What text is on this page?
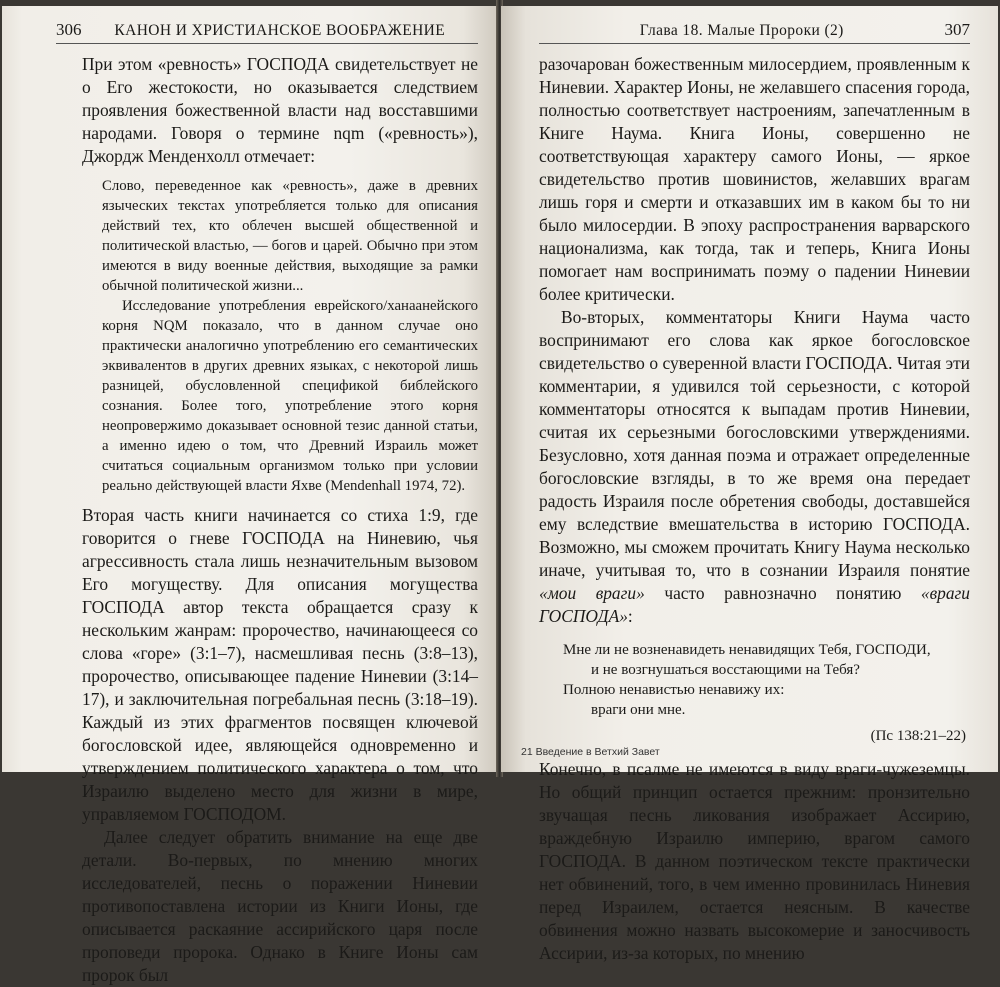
306	КАНОН И ХРИСТИАНСКОЕ ВООБРАЖЕНИЕ

При этом «ревность» ГОСПОДА свидетельствует не о Его жестокости, но оказывается следствием проявления божественной власти над восставшими народами. Говоря о термине nqm («ревность»), Джордж Менденхолл отмечает:

Слово, переведенное как «ревность», даже в древних языческих текстах употребляется только для описания действий тех, кто облечен высшей общественной и политической властью, — богов и царей. Обычно при этом имеются в виду военные действия, выходящие за рамки обычной политической жизни...

Исследование употребления еврейского/ханаанейского корня NQM показало, что в данном случае оно практически аналогично употреблению его семантических эквивалентов в других древних языках, с некоторой лишь разницей, обусловленной спецификой библейского сознания. Более того, употребление этого корня неопровержимо доказывает основной тезис данной статьи, а именно идею о том, что Древний Израиль может считаться социальным организмом только при условии реально действующей власти Яхве (Mendenhall 1974, 72).

Вторая часть книги начинается со стиха 1:9, где говорится о гневе ГОСПОДА на Ниневию, чья агрессивность стала лишь незначительным вызовом Его могуществу. Для описания могущества ГОСПОДА автор текста обращается сразу к нескольким жанрам: пророчество, начинающееся со слова «горе» (3:1–7), насмешливая песнь (3:8–13), пророчество, описывающее падение Ниневии (3:14–17), и заключительная погребальная песнь (3:18–19). Каждый из этих фрагментов посвящен ключевой богословской идее, являющейся одновременно и утверждением политического характера о том, что Израилю выделено место для жизни в мире, управляемом ГОСПОДОМ.

Далее следует обратить внимание на еще две детали. Во-первых, по мнению многих исследователей, песнь о поражении Ниневии противопоставлена истории из Книги Ионы, где описывается раскаяние ассирийского царя после проповеди пророка. Однако в Книге Ионы сам пророк был

Глава 18. Малые Пророки (2)	307

разочарован божественным милосердием, проявленным к Ниневии. Характер Ионы, не желавшего спасения города, полностью соответствует настроениям, запечатленным в Книге Наума. Книга Ионы, совершенно не соответствующая характеру самого Ионы, — яркое свидетельство против шовинистов, желавших врагам лишь горя и смерти и отказавших им в каком бы то ни было милосердии. В эпоху распространения варварского национализма, как тогда, так и теперь, Книга Ионы помогает нам воспринимать поэму о падении Ниневии более критически.

Во-вторых, комментаторы Книги Наума часто воспринимают его слова как яркое богословское свидетельство о суверенной власти ГОСПОДА. Читая эти комментарии, я удивился той серьезности, с которой комментаторы относятся к выпадам против Ниневии, считая их серьезными богословскими утверждениями. Безусловно, хотя данная поэма и отражает определенные богословские взгляды, в то же время она передает радость Израиля после обретения свободы, доставшейся ему вследствие вмешательства в историю ГОСПОДА. Возможно, мы сможем прочитать Книгу Наума несколько иначе, учитывая то, что в сознании Израиля понятие «мои враги» часто равнозначно понятию «враги ГОСПОДА»:

Мне ли не возненавидеть ненавидящих Тебя, ГОСПОДИ,
и не возгнушаться восстающими на Тебя?
Полною ненавистью ненавижу их:
враги они мне.
(Пс 138:21–22)

Конечно, в псалме не имеются в виду враги-чужеземцы. Но общий принцип остается прежним: пронзительно звучащая песнь ликования изображает Ассирию, враждебную Израилю империю, врагом самого ГОСПОДА. В данном поэтическом тексте практически нет обвинений, того, в чем именно провинилась Ниневия перед Израилем, остается неясным. В качестве обвинения можно назвать высокомерие и заносчивость Ассирии, из-за которых, по мнению

21 Введение в Ветхий Завет
